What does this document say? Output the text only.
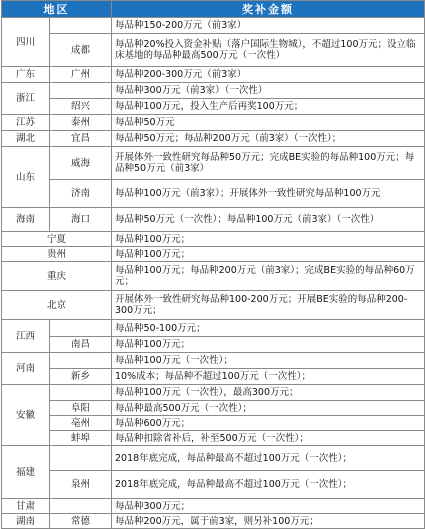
地区		奖补金额
四川		每品种150-200万元（前3家）
	成都	每品种20%投入资金补贴（落户国际生物城），不超过100万元；设立临床基地的每品种最高500万元（一次性）
广东	广州	每品种200-300万元（前3家）
浙江		每品种300万元（前3家）（一次性）
	绍兴	每品种100万元，投入生产后再奖100万元；
江苏	泰州	每品种50万元
湖北	宜昌	每品种50万元；每品种200万元（前3家）（一次性）；
山东	威海	开展体外一致性研究每品种50万元；完成BE实验的每品种100万元；每品种50万元（前3家）
	济南	每品种100万元（前3家）；开展体外一致性研究每品种100万元
海南	海口	每品种50万元（一次性）；每品种100万元（前3家）（一次性）
宁夏		每品种100万元；
贵州		每品种100万元；
重庆		每品种100万元；每品种200万元（前3家）；完成BE实验的每品种60万元；
北京		开展体外一致性研究每品种100-200万元；开展BE实验的每品种200-300万元；
江西		每品种50-100万元；
	南昌	每品种100万元；
河南		每品种100万元（一次性）；
	新乡	10%成本；每品种不超过100万元（一次性）；
安徽		每品种100万元（一次性），最高300万元；
	阜阳	每品种最高500万元（一次性）；
	亳州	每品种600万元；
	蚌埠	每品种扣除省补后，补至500万元（一次性）；
福建		2018年底完成，每品种最高不超过100万元（一次性）；
	泉州	2018年底完成，每品种最高不超过100万元（一次性）；
甘肃		每品种300万元；
湖南	常德	每品种200万元，属于前3家，则另补100万元；
